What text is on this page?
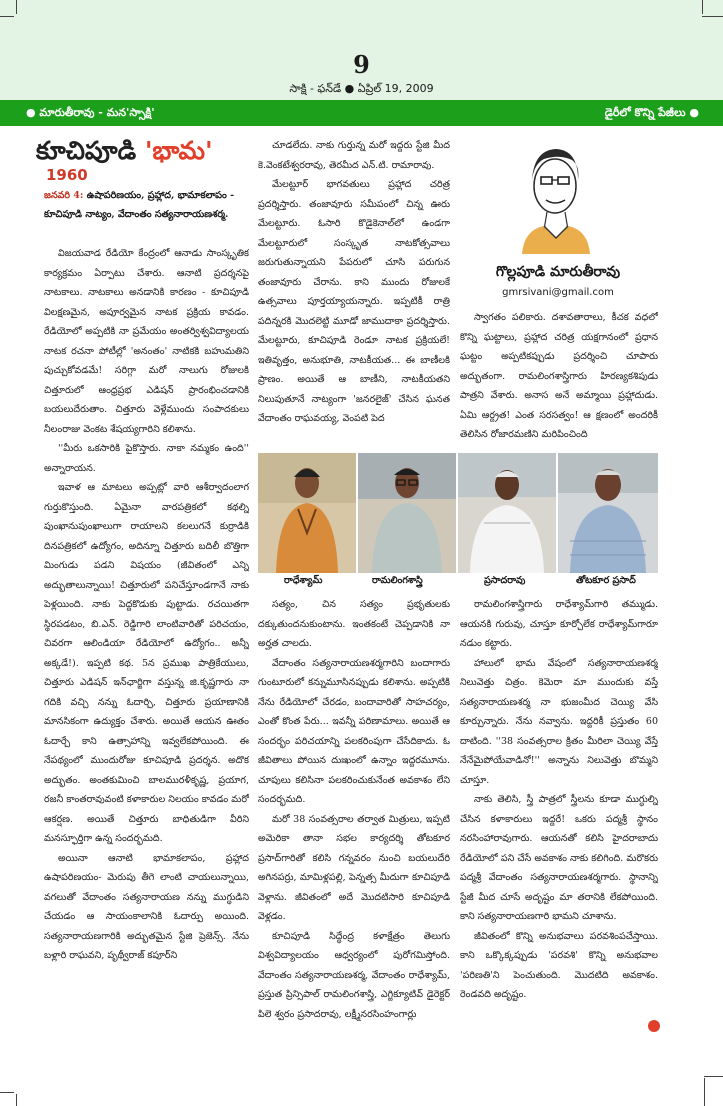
9
సాక్షి - ఫన్‌డే ● ఏప్రిల్ 19, 2009
● మారుతీరావు - మన'స్సాక్షి'	డైరీలో కొన్ని పేజీలు ●
కూచిపూడి 'భామ'
1960
జనవరి 4: ఉషాపరిణయం, ప్రహ్లాద, భామాకలాపం - కూచిపూడి నాట్యం, వేదాంతం సత్యనారాయణశర్మ.

విజయవాడ రేడియో కేంద్రంలో ఆనాడు సాంస్కృతిక కార్యక్రమం ఏర్పాటు చేశారు. ఆనాటి ప్రదర్శనపై నాటకాలు. నాటకాలు అనడానికి కారణం - కూచిపూడి విలక్షణమైన, అపూర్వమైన నాటక ప్రక్రియ కావడం. రేడియోలో అప్పటికి నా ప్రమేయం అంతర్విశ్వవిద్యాలయ నాటక రచనా పోటీల్లో 'అనంతం' నాటికకి బహుమతిని పుచ్చుకోవడమే! సరిగ్గా మరో నాలుగు రోజులకి చిత్తూరులో ఆంధ్రప్రభ ఎడిషన్ ప్రారంభించడానికి బయలుదేరుతాం. చిత్తూరు వెళ్లేముందు సంపాదకులు నీలంరాజు వెంకట శేషయ్యగారిని కలిశాను.

''మీరు ఒకసారికి పైకొస్తారు. నాకా నమ్మకం ఉంది'' అన్నారాయన.

ఇవాళ ఆ మాటలు అప్పట్లో వారి ఆశీర్వాదంలాగ గుర్తుకొస్తుంది. ఏమైనా వారపత్రికలో కథల్ని పుంఖానుపుంఖాలుగా రాయాలని కలలుగనే కుర్రాడికి దినపత్రికలో ఉద్యోగం, అదిన్నూ చిత్తూరు బదిలీ బొత్తిగా మింగుడు పడని విషయం (జీవితంలో ఎన్ని అద్భుతాలున్నాయి! చిత్తూరులో పనిచేస్తూండగానే నాకు పెళ్లయింది. నాకు పెద్దకొడుకు పుట్టాడు. రచయితగా స్థిరపడటం, బి.ఎన్. రెడ్డిగారి లాంటివారితో పరిచయం, చివరగా ఆలిండియా రేడియోలో ఉద్యోగం.. అన్నీ అక్కడే!). ఇప్పటి కథ. 5న ప్రముఖ పాత్రికేయులు, చిత్తూరు ఎడిషన్ ఇన్‌ఛార్జిగా వస్తున్న జి.కృష్ణగారు నా గదికి వచ్చి నన్ను ఓదార్చి, చిత్తూరు ప్రయాణానికి మానసికంగా ఉద్యుక్తం చేశారు. అయితే ఆయన ఊతం ఓదార్చే కాని ఉత్సాహాన్ని ఇవ్వలేకపోయింది. ఈ నేపథ్యంలో ముందురోజు కూచిపూడి ప్రదర్శన. అదొక అద్భుతం. అంతకుమించి బాలమురళీకృష్ణ, ప్రయాగ, రజనీ కాంతరావువంటి కళాకారుల నిలయం కావడం మరో ఆకర్షణ. అయితే చిత్తూరు బాధితుడిగా వీరిని మనస్ఫూర్తిగా ఉన్న సందర్భమది.

అయినా ఆనాటి భామాకలాపం, ప్రహ్లాద ఉషాపరిణయం- మెరుపు తీగె లాంటి చాయలున్నాయి, వగలుతో వేదాంతం సత్యనారాయణ నన్ను ముగ్ధుడిని చేయడం ఆ సాయంకాలానికి ఓదార్పు అయింది. సత్యనారాయణగారికి అద్భుతమైన స్టేజి ప్రెజెన్స్. నేను బళ్లారి రాఘవని, పృథ్వీరాజ్ కపూర్‌ని

చూడలేదు. నాకు గుర్తున్న మరో ఇద్దరు స్టేజి మీద కె.వెంకటేశ్వరరావు, తెరమీద ఎన్.టి. రామారావు.

మేలట్టూర్ భాగవతులు ప్రహ్లాద చరిత్ర ప్రదర్శిస్తారు. తంజావూరు సమీపంలో చిన్న ఊరు మేలట్టూరు. ఓసారి కొడైకెనాల్‌లో ఉండగా మేలట్టూరులో సంస్కృత నాటకోత్సవాలు జరుగుతున్నాయని పేపరులో చూసి పరుగున తంజావూరు చేరాను. కాని ముందు రోజులకే ఉత్సవాలు పూర్తయ్యాయన్నారు. ఇప్పటికీ రాత్రి పదిన్నరకి మొదలెట్టి మూడో జాముదాకా ప్రదర్శిస్తారు. మేలట్టూరు, కూచిపూడి రెండూ నాటక ప్రక్రియలే! ఇతివృత్తం, అనుభూతి, నాటకీయత... ఈ బాణీలకి ప్రాణం. అయితే ఆ బాణీని, నాటకీయతని నిలుపుతూనే నాట్యంగా 'జనరలైజ్' చేసిన ఘనత వేదాంతం రాఘవయ్య, వెంపటి పెద

గొల్లపూడి మారుతీరావు
gmrsivani@gmail.com

స్వాగతం పలికారు. దశావతారాలు, కీచక వధలో కొన్ని ఘట్టాలు, ప్రహ్లాద చరిత్ర యక్షగానంలో ప్రధాన ఘట్టం అప్పటికప్పుడు ప్రదర్శించి చూపారు అద్భుతంగా. రామలింగశాస్త్రిగారు హిరణ్యకశిపుడు పాత్రని వేశారు. అనాస అనే అమ్మాయి ప్రహ్లాదుడు. ఏమి ఆర్ద్రత! ఎంత సరసత్వం! ఆ క్షణంలో అందరికీ తెలిసిన రోజారమణిని మరిపించింది

రాధేశ్యామ్	రామలింగశాస్త్రి	ప్రసాదరావు	తోటకూర ప్రసాద్

సత్యం, చిన సత్యం ప్రభృతులకు దక్కుతుందనుకుంటాను. ఇంతకంటే చెప్పడానికి నా అర్హత చాలదు.

వేదాంతం సత్యనారాయణశర్మగారిని బందాగారు గుంటూరులో కన్నుమూసినప్పుడు కలిశాను. అప్పటికి నేను రేడియోలో చేరడం, బందావారితో సాహచర్యం, ఎంతో కొంత పేరు... ఇవన్నీ పరిణామాలు. అయితే ఆ సందర్భం పరిచయాన్ని పలకరింపుగా చేసేదికాదు. ఓ జీవితాలు పోయిన దుఃఖంలో ఉన్నాం ఇద్దరమూను. చూపులు కలిసినా పలకరించుకునేంత అవకాశం లేని సందర్భమది.

మరో 38 సంవత్సరాల తర్వాత మిత్రులు, ఇప్పటి అమెరికా తానా సభల కార్యదర్శి తోటకూర ప్రసాద్‌గారితో కలిసి గన్నవరం నుంచి బయలుదేరి అగినపర్రు, మామిళ్లపల్లి, పెన్నత్స మీదుగా కూచిపూడి వెళ్లాను. జీవితంలో అదే మొదటిసారి కూచిపూడి వెళ్లడం.

కూచిపూడి సిద్ధేంద్ర కళాక్షేత్రం తెలుగు విశ్వవిద్యాలయం ఆధ్వర్యంలో పురోగమిస్తోంది. వేదాంతం సత్యనారాయణశర్మ, వేదాంతం రాధేశ్యామ్, ప్రస్తుత ప్రిన్సిపాల్ రామలింగశాస్త్రి, ఎగ్జిక్యూటివ్ డైరెక్టర్ పిలె శ్వరం ప్రసాదరావు, లక్ష్మీనరసింహంగార్లు

రామలింగశాస్త్రిగారు రాధేశ్యామ్‌గారి తమ్ముడు. ఆయనకి గురువు, చూస్తూ కూర్చోలేక రాధేశ్యామ్‌గారూ నడుం కట్టారు.

హాలులో భామ వేషంలో సత్యనారాయణశర్మ నిలువెత్తు చిత్రం. కెమెరా మా ముందుకు వస్తే సత్యనారాయణశర్మ నా భుజంమీద చెయ్యి వేసి కూర్చున్నారు. నేను నవ్వాను. ఇద్దరికీ ప్రస్తుతం 60 దాటింది. ''38 సంవత్సరాల క్రితం మీరిలా చెయ్యి వేస్తే నేనేమైపోయేవాడినో!'' అన్నాను నిలువెత్తు బొమ్మని చూస్తూ.

నాకు తెలిసి, స్త్రీ పాత్రలో స్త్రీలను కూడా ముగ్ధుల్ని చేసిన కళాకారులు ఇద్దరే! ఒకరు పద్మశ్రీ స్థానం నరసింహారావుగారు. ఆయనతో కలిసి హైదరాబాదు రేడియోలో పని చేసే అవకాశం నాకు కలిగింది. మరొకరు పద్మశ్రీ వేదాంతం సత్యనారాయణశర్మగారు. స్థానాన్ని స్టేజీ మీద చూసే అదృష్టం మా తరానికి లేకపోయింది. కాని సత్యనారాయణగారి భామని చూశాను.

జీవితంలో కొన్ని అనుభవాలు పరవశింపచేస్తాయి. కాని ఒక్కొక్కప్పుడు 'పరవశి' కొన్ని అనుభవాల 'పరిణతి'ని పెంచుతుంది. మొదటిది అవకాశం. రెండవది అదృష్టం.
